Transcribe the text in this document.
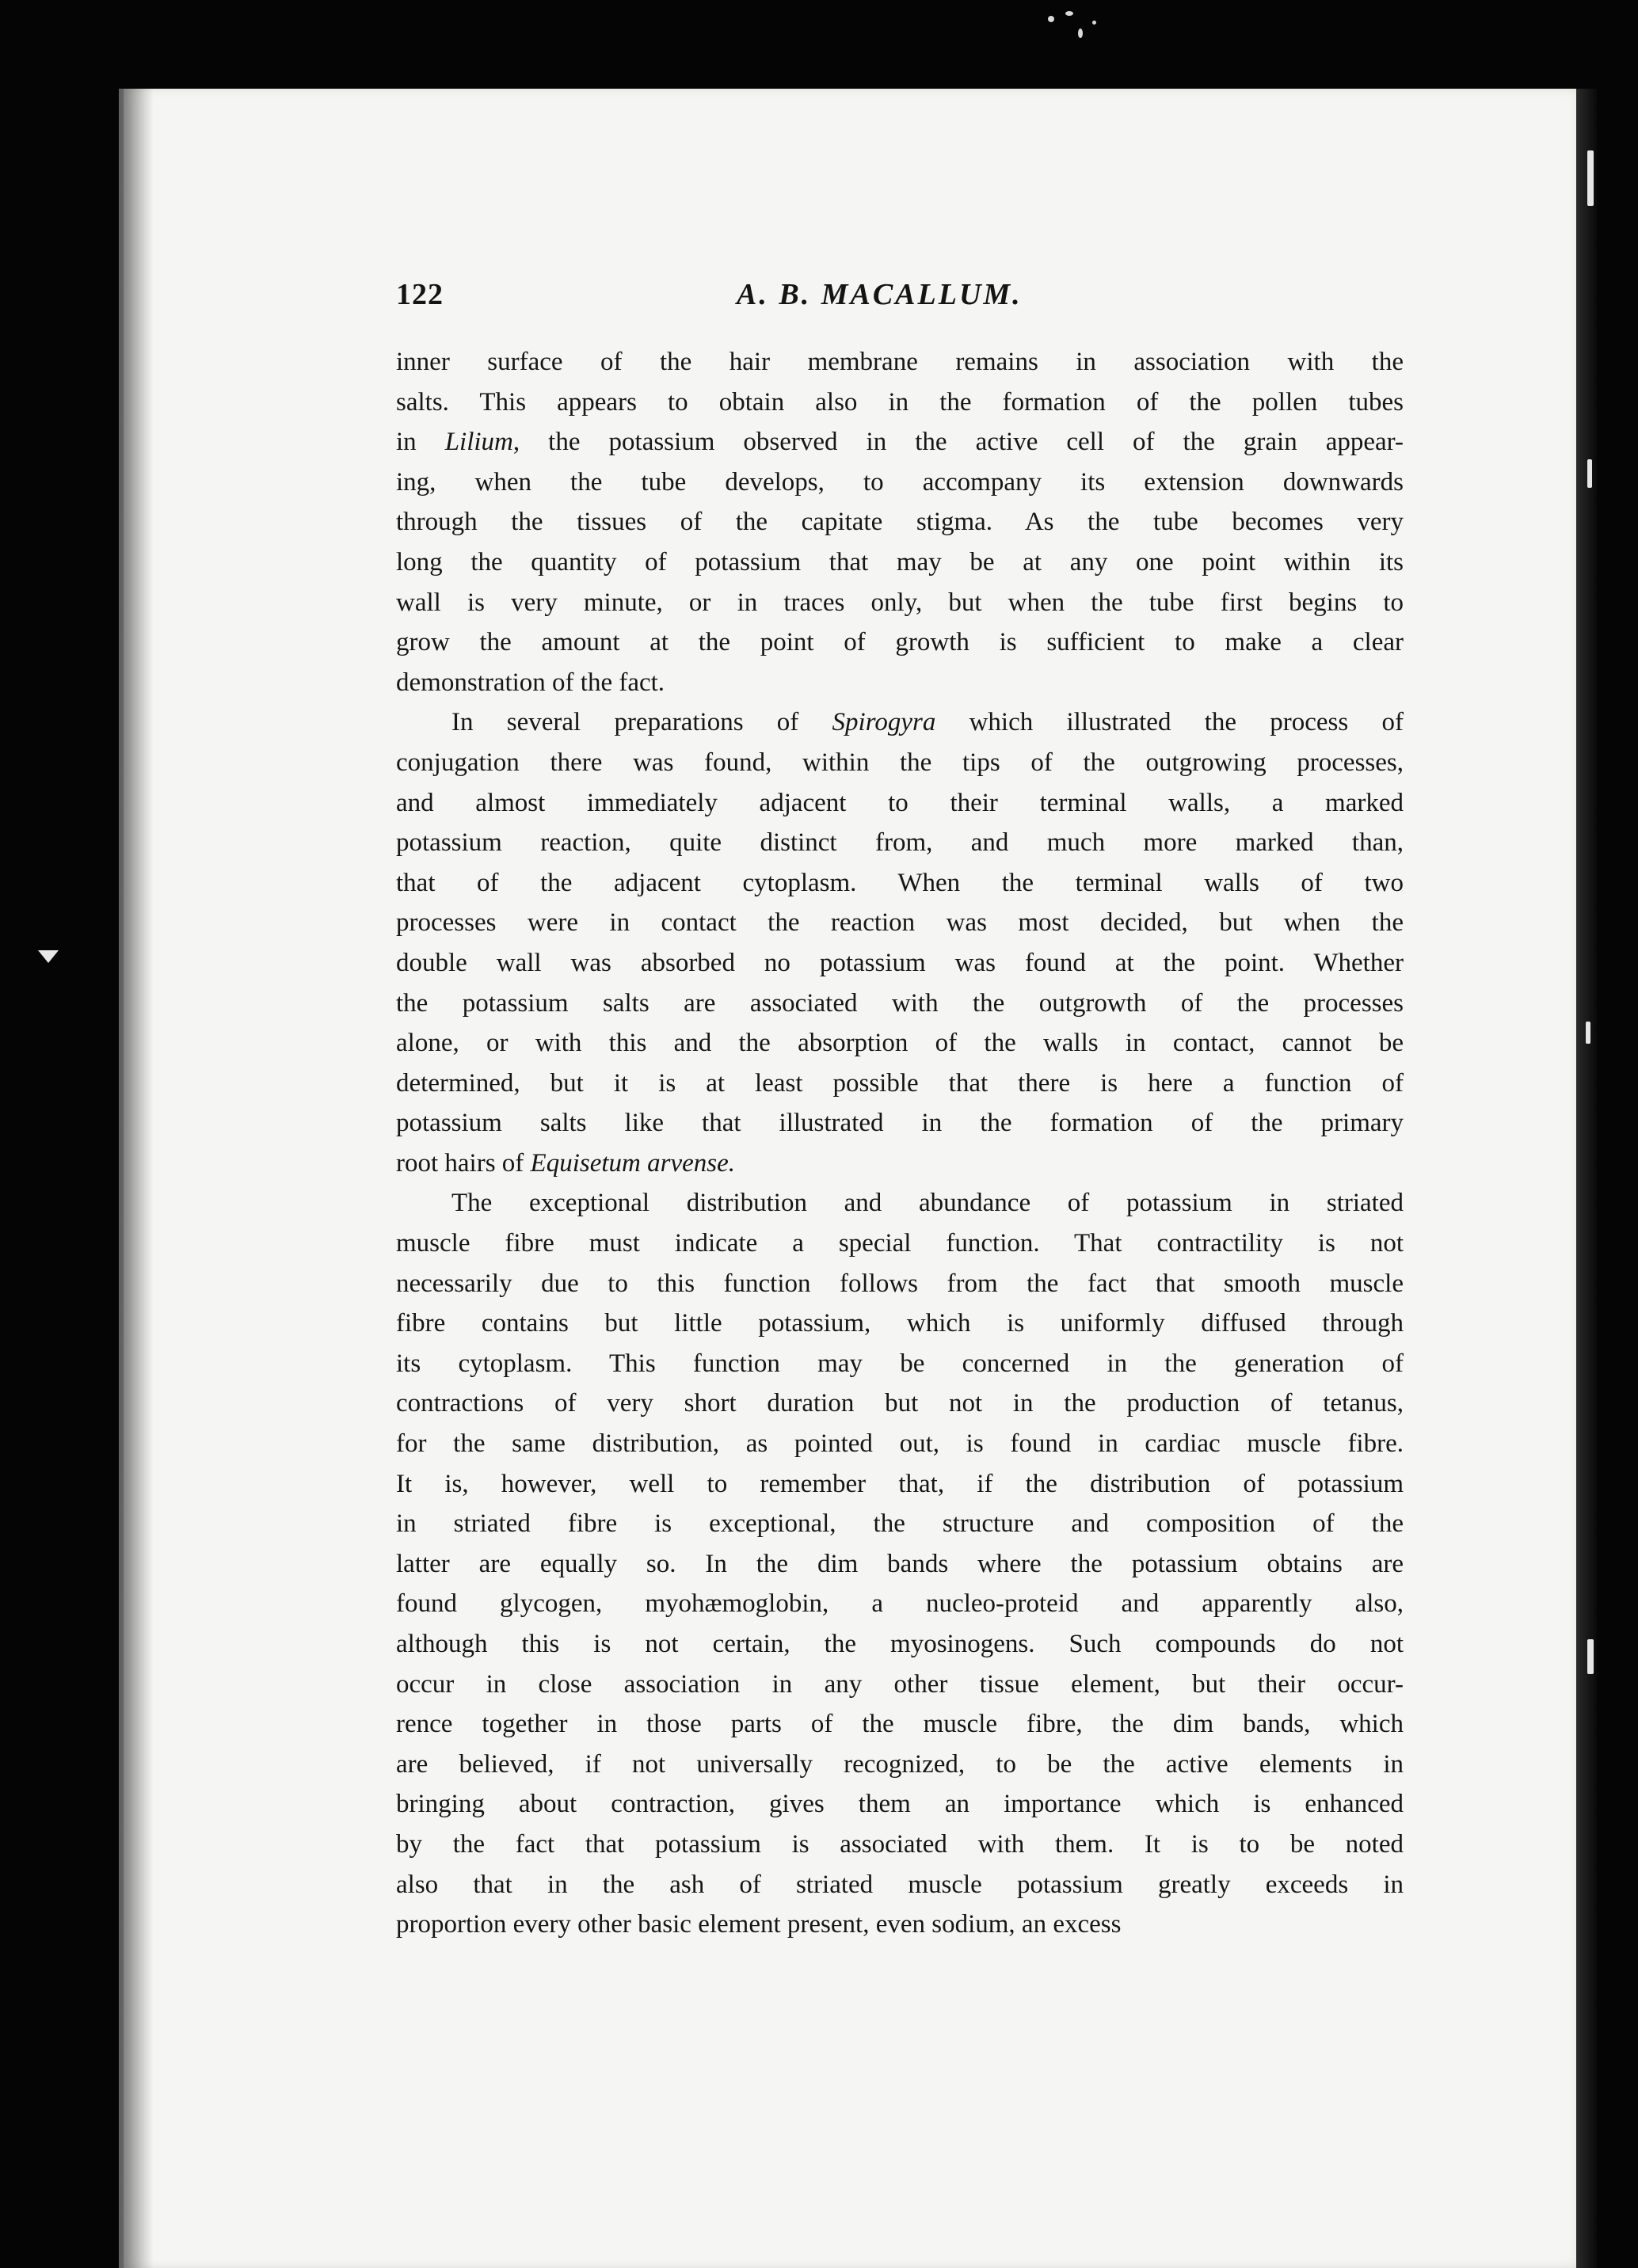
122	A. B. MACALLUM.
inner surface of the hair membrane remains in association with the
salts. This appears to obtain also in the formation of the pollen tubes
in Lilium, the potassium observed in the active cell of the grain appear-
ing, when the tube develops, to accompany its extension downwards
through the tissues of the capitate stigma. As the tube becomes very
long the quantity of potassium that may be at any one point within its
wall is very minute, or in traces only, but when the tube first begins to
grow the amount at the point of growth is sufficient to make a clear
demonstration of the fact.
In several preparations of Spirogyra which illustrated the process of
conjugation there was found, within the tips of the outgrowing processes,
and almost immediately adjacent to their terminal walls, a marked
potassium reaction, quite distinct from, and much more marked than,
that of the adjacent cytoplasm. When the terminal walls of two
processes were in contact the reaction was most decided, but when the
double wall was absorbed no potassium was found at the point. Whether
the potassium salts are associated with the outgrowth of the processes
alone, or with this and the absorption of the walls in contact, cannot be
determined, but it is at least possible that there is here a function of
potassium salts like that illustrated in the formation of the primary
root hairs of Equisetum arvense.
The exceptional distribution and abundance of potassium in striated
muscle fibre must indicate a special function. That contractility is not
necessarily due to this function follows from the fact that smooth muscle
fibre contains but little potassium, which is uniformly diffused through
its cytoplasm. This function may be concerned in the generation of
contractions of very short duration but not in the production of tetanus,
for the same distribution, as pointed out, is found in cardiac muscle fibre.
It is, however, well to remember that, if the distribution of potassium
in striated fibre is exceptional, the structure and composition of the
latter are equally so. In the dim bands where the potassium obtains are
found glycogen, myohæmoglobin, a nucleo-proteid and apparently also,
although this is not certain, the myosinogens. Such compounds do not
occur in close association in any other tissue element, but their occur-
rence together in those parts of the muscle fibre, the dim bands, which
are believed, if not universally recognized, to be the active elements in
bringing about contraction, gives them an importance which is enhanced
by the fact that potassium is associated with them. It is to be noted
also that in the ash of striated muscle potassium greatly exceeds in
proportion every other basic element present, even sodium, an excess
